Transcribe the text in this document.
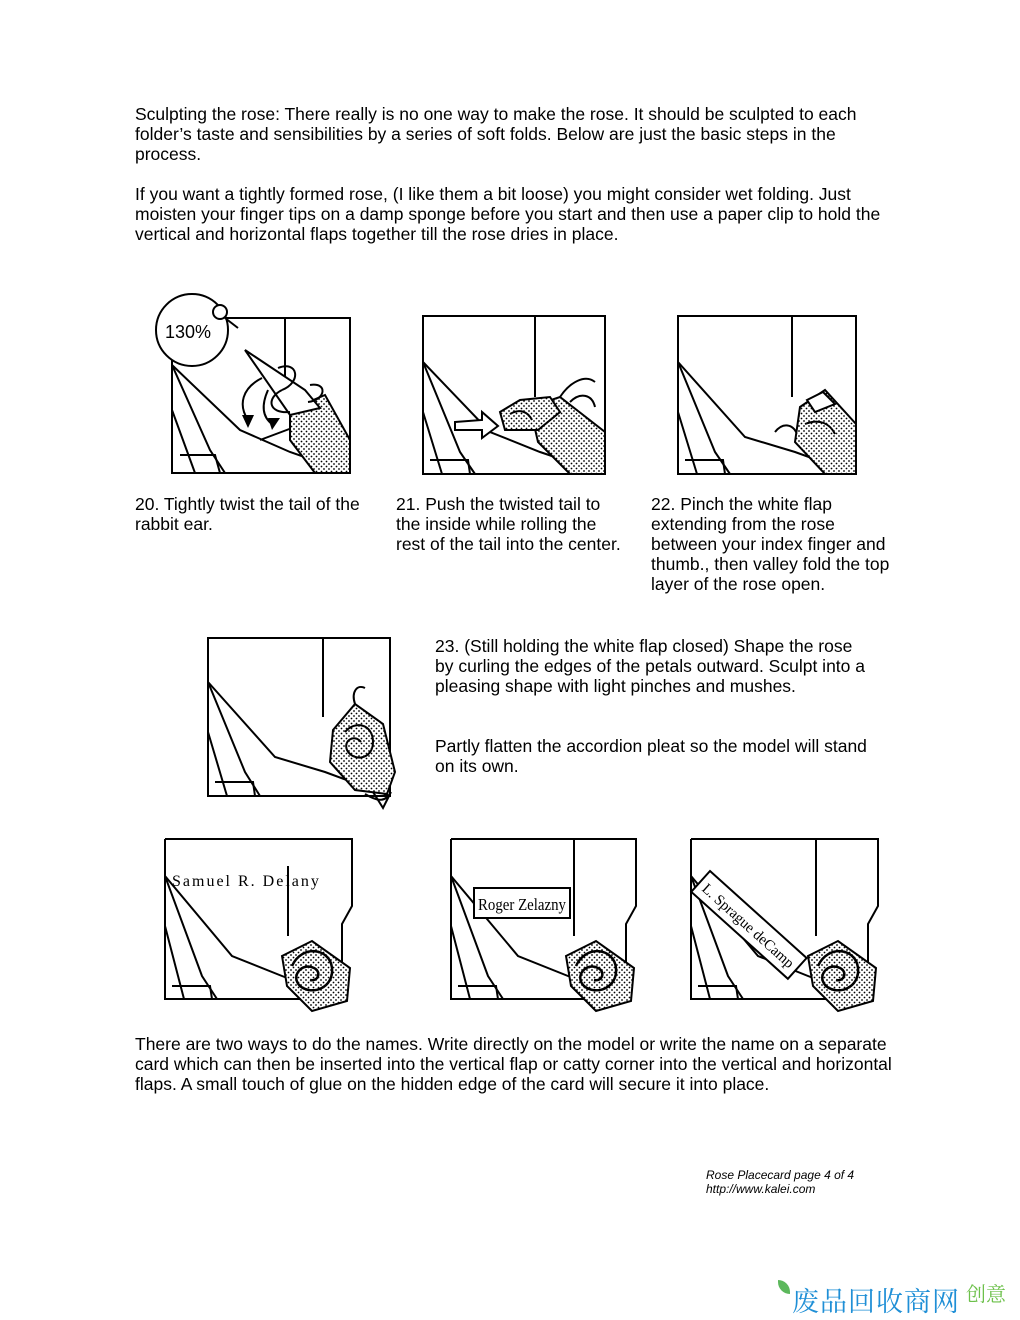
Sculpting the rose: There really is no one way to make the rose. It should be sculpted to each folder’s taste and sensibilities by a series of soft folds. Below are just the basic steps in the process.

If you want a tightly formed rose, (I like them a bit loose) you might consider wet folding. Just moisten your finger tips on a damp sponge before you start and then use a paper clip to hold the vertical and horizontal flaps together till the rose dries in place.

130%

20. Tightly twist the tail of the rabbit ear.

21. Push the twisted tail to the inside while rolling the rest of the tail into the center.

22. Pinch the white flap extending from the rose between your index finger and thumb., then valley fold the top layer of the rose open.

23. (Still holding the white flap closed) Shape the rose by curling the edges of the petals outward. Sculpt into a pleasing shape with light pinches and mushes.

Partly flatten the accordion pleat so the model will stand on its own.

Samuel R. Delany
Roger Zelazny	L. Sprague deCamp

There are two ways to do the names. Write directly on the model or write the name on a separate card which can then be inserted into the vertical flap or catty corner into the vertical and horizontal flaps. A small touch of glue on the hidden edge of the card will secure it into place.

Rose Placecard page 4 of 4
http://www.kalei.com
废品回收商网 创意
